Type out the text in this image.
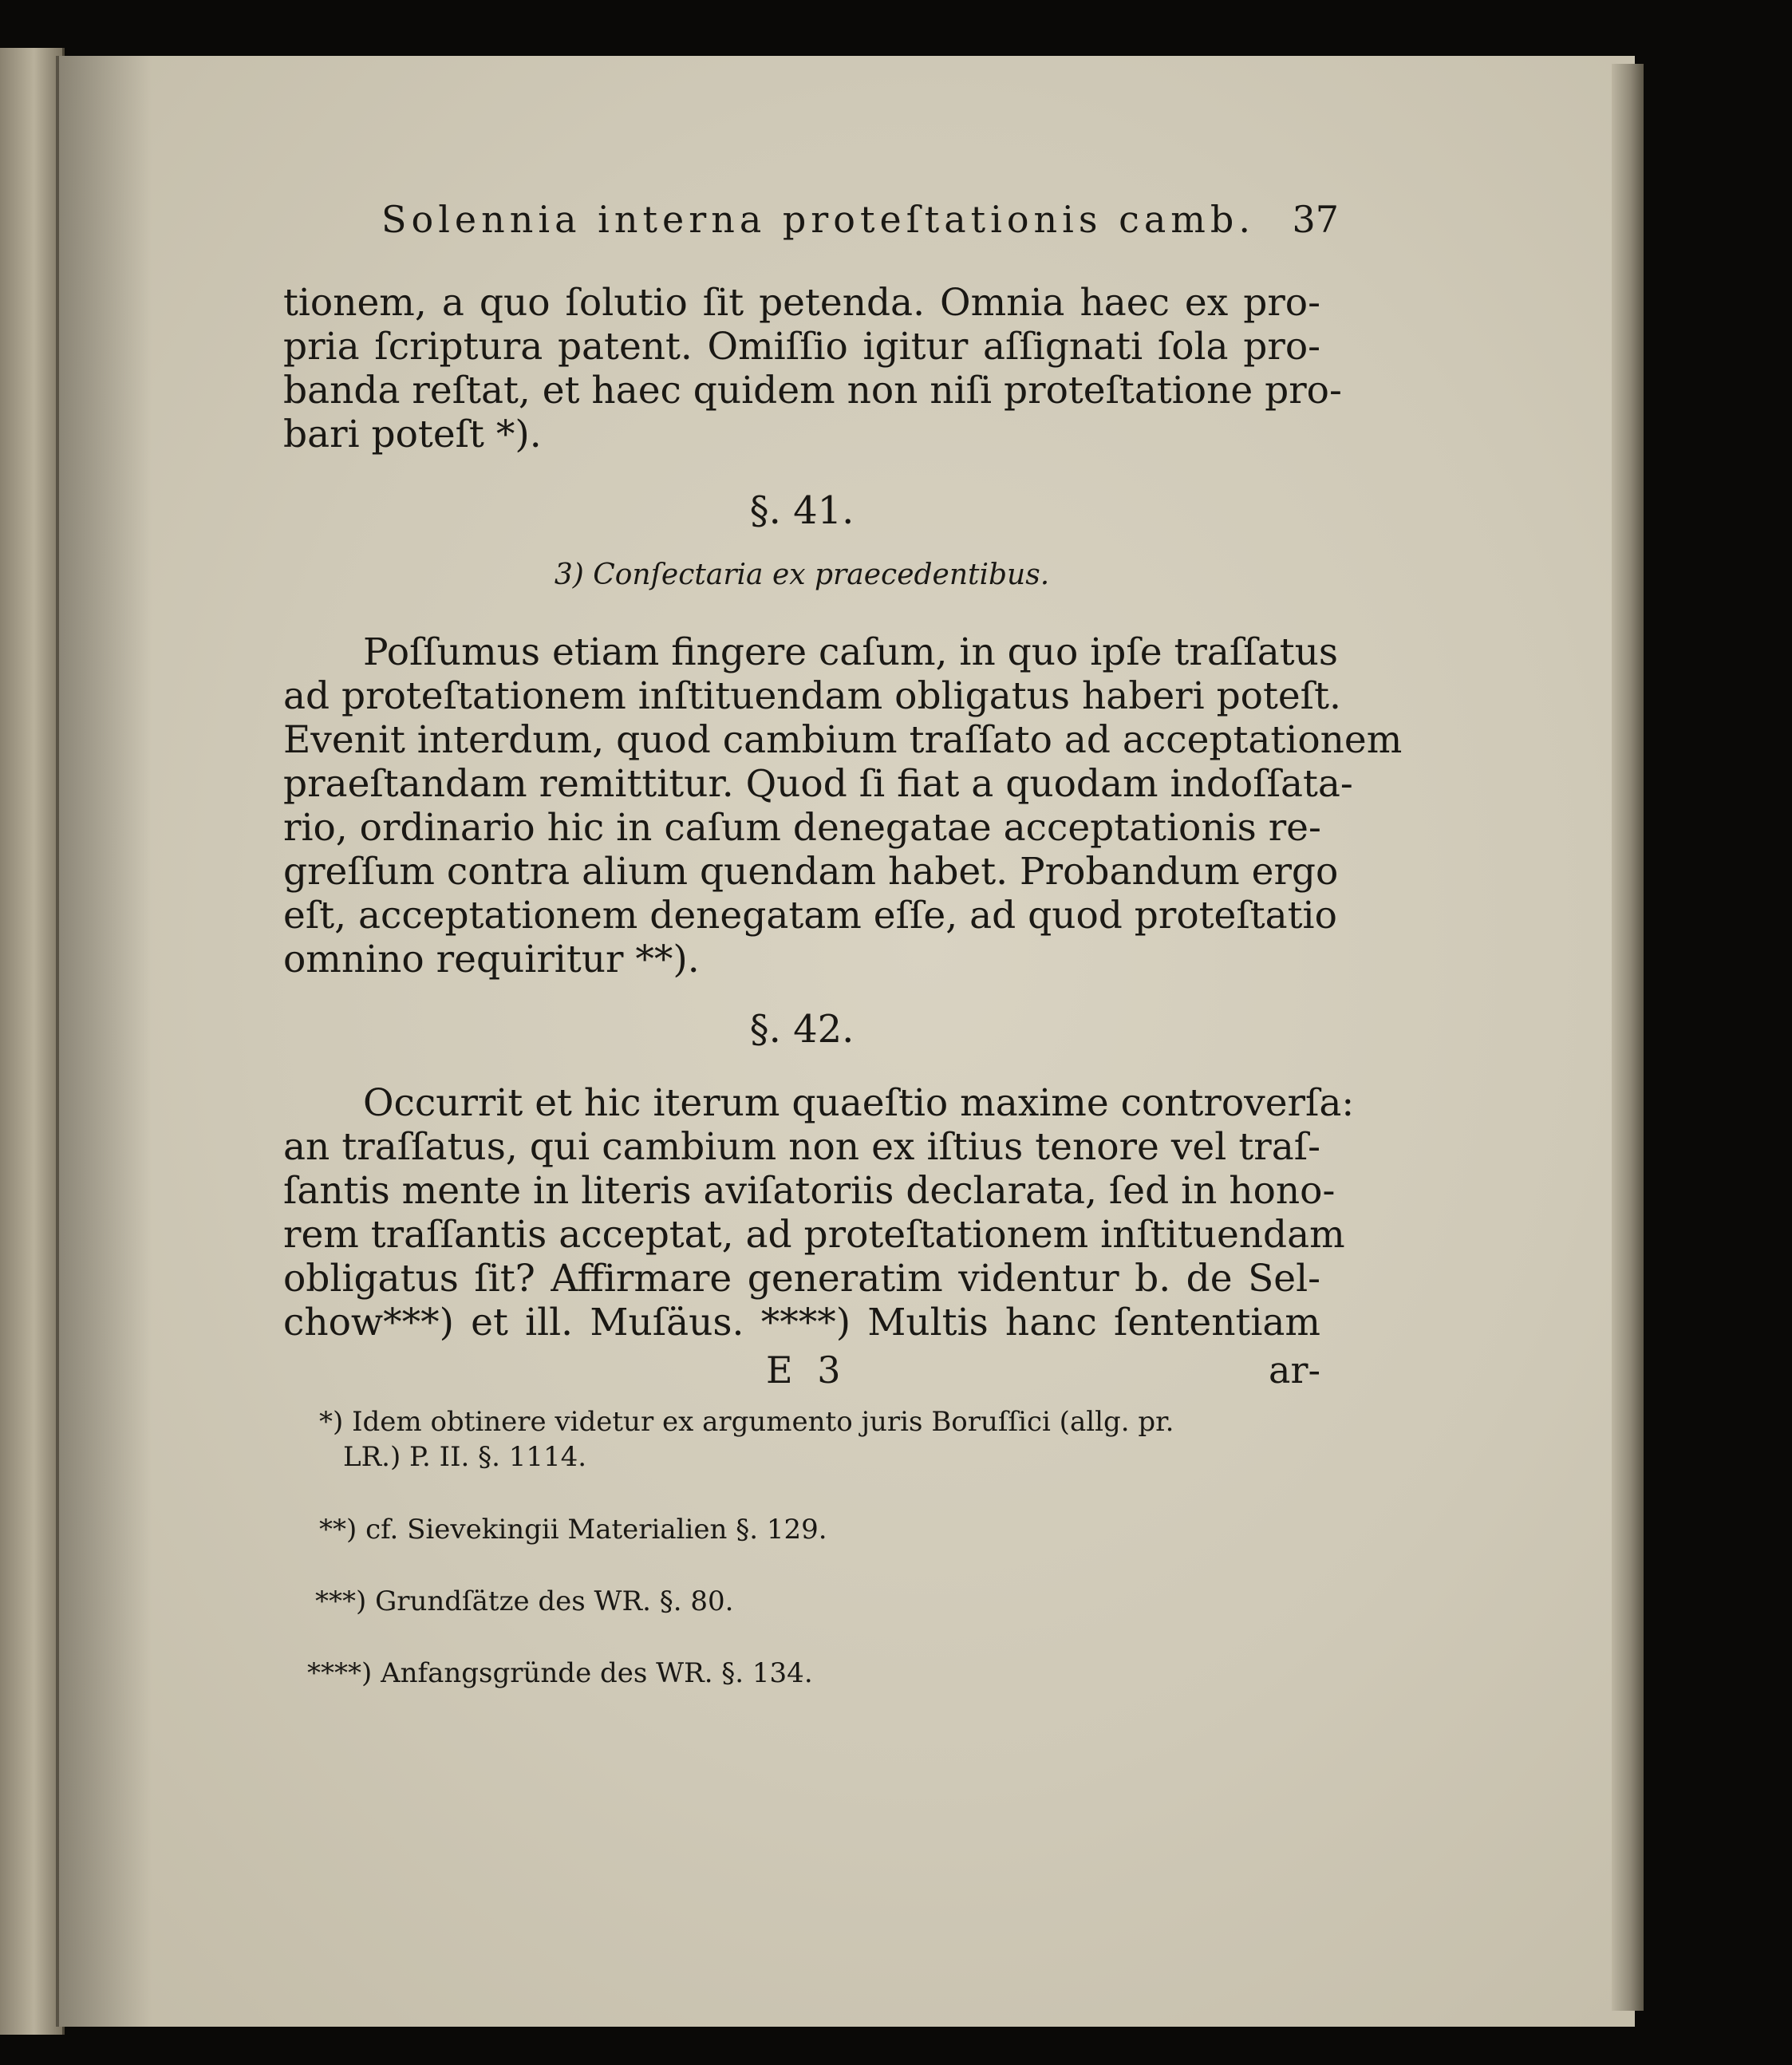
Solennia interna proteſtationis camb.	37
tionem, a quo ſolutio ſit petenda. Omnia haec ex pro-
pria ſcriptura patent. Omiſſio igitur aſſignati ſola pro-
banda reſtat, et haec quidem non niſi proteſtatione pro-
bari poteſt *).
§. 41.
3) Conſectaria ex praecedentibus.
Poſſumus etiam fingere caſum, in quo ipſe traſſatus
ad proteſtationem inſtituendam obligatus haberi poteſt.
Evenit interdum, quod cambium traſſato ad acceptationem
praeſtandam remittitur. Quod ſi fiat a quodam indoſſata-
rio, ordinario hic in caſum denegatae acceptationis re-
greſſum contra alium quendam habet. Probandum ergo
eſt, acceptationem denegatam eſſe, ad quod proteſtatio
omnino requiritur **).
§. 42.
Occurrit et hic iterum quaeſtio maxime controverſa:
an traſſatus, qui cambium non ex iſtius tenore vel traſ-
ſantis mente in literis aviſatoriis declarata, ſed in hono-
rem traſſantis acceptat, ad proteſtationem inſtituendam
obligatus ſit? Affirmare generatim videntur b. de Sel-
chow***) et ill. Muſäus. ****) Multis hanc ſententiam
E 3	ar-
*) Idem obtinere videtur ex argumento juris Boruſſici (allg. pr.
LR.) P. II. §. 1114.
**) cf. Sievekingii Materialien §. 129.
***) Grundſätze des WR. §. 80.
****) Anfangsgründe des WR. §. 134.
